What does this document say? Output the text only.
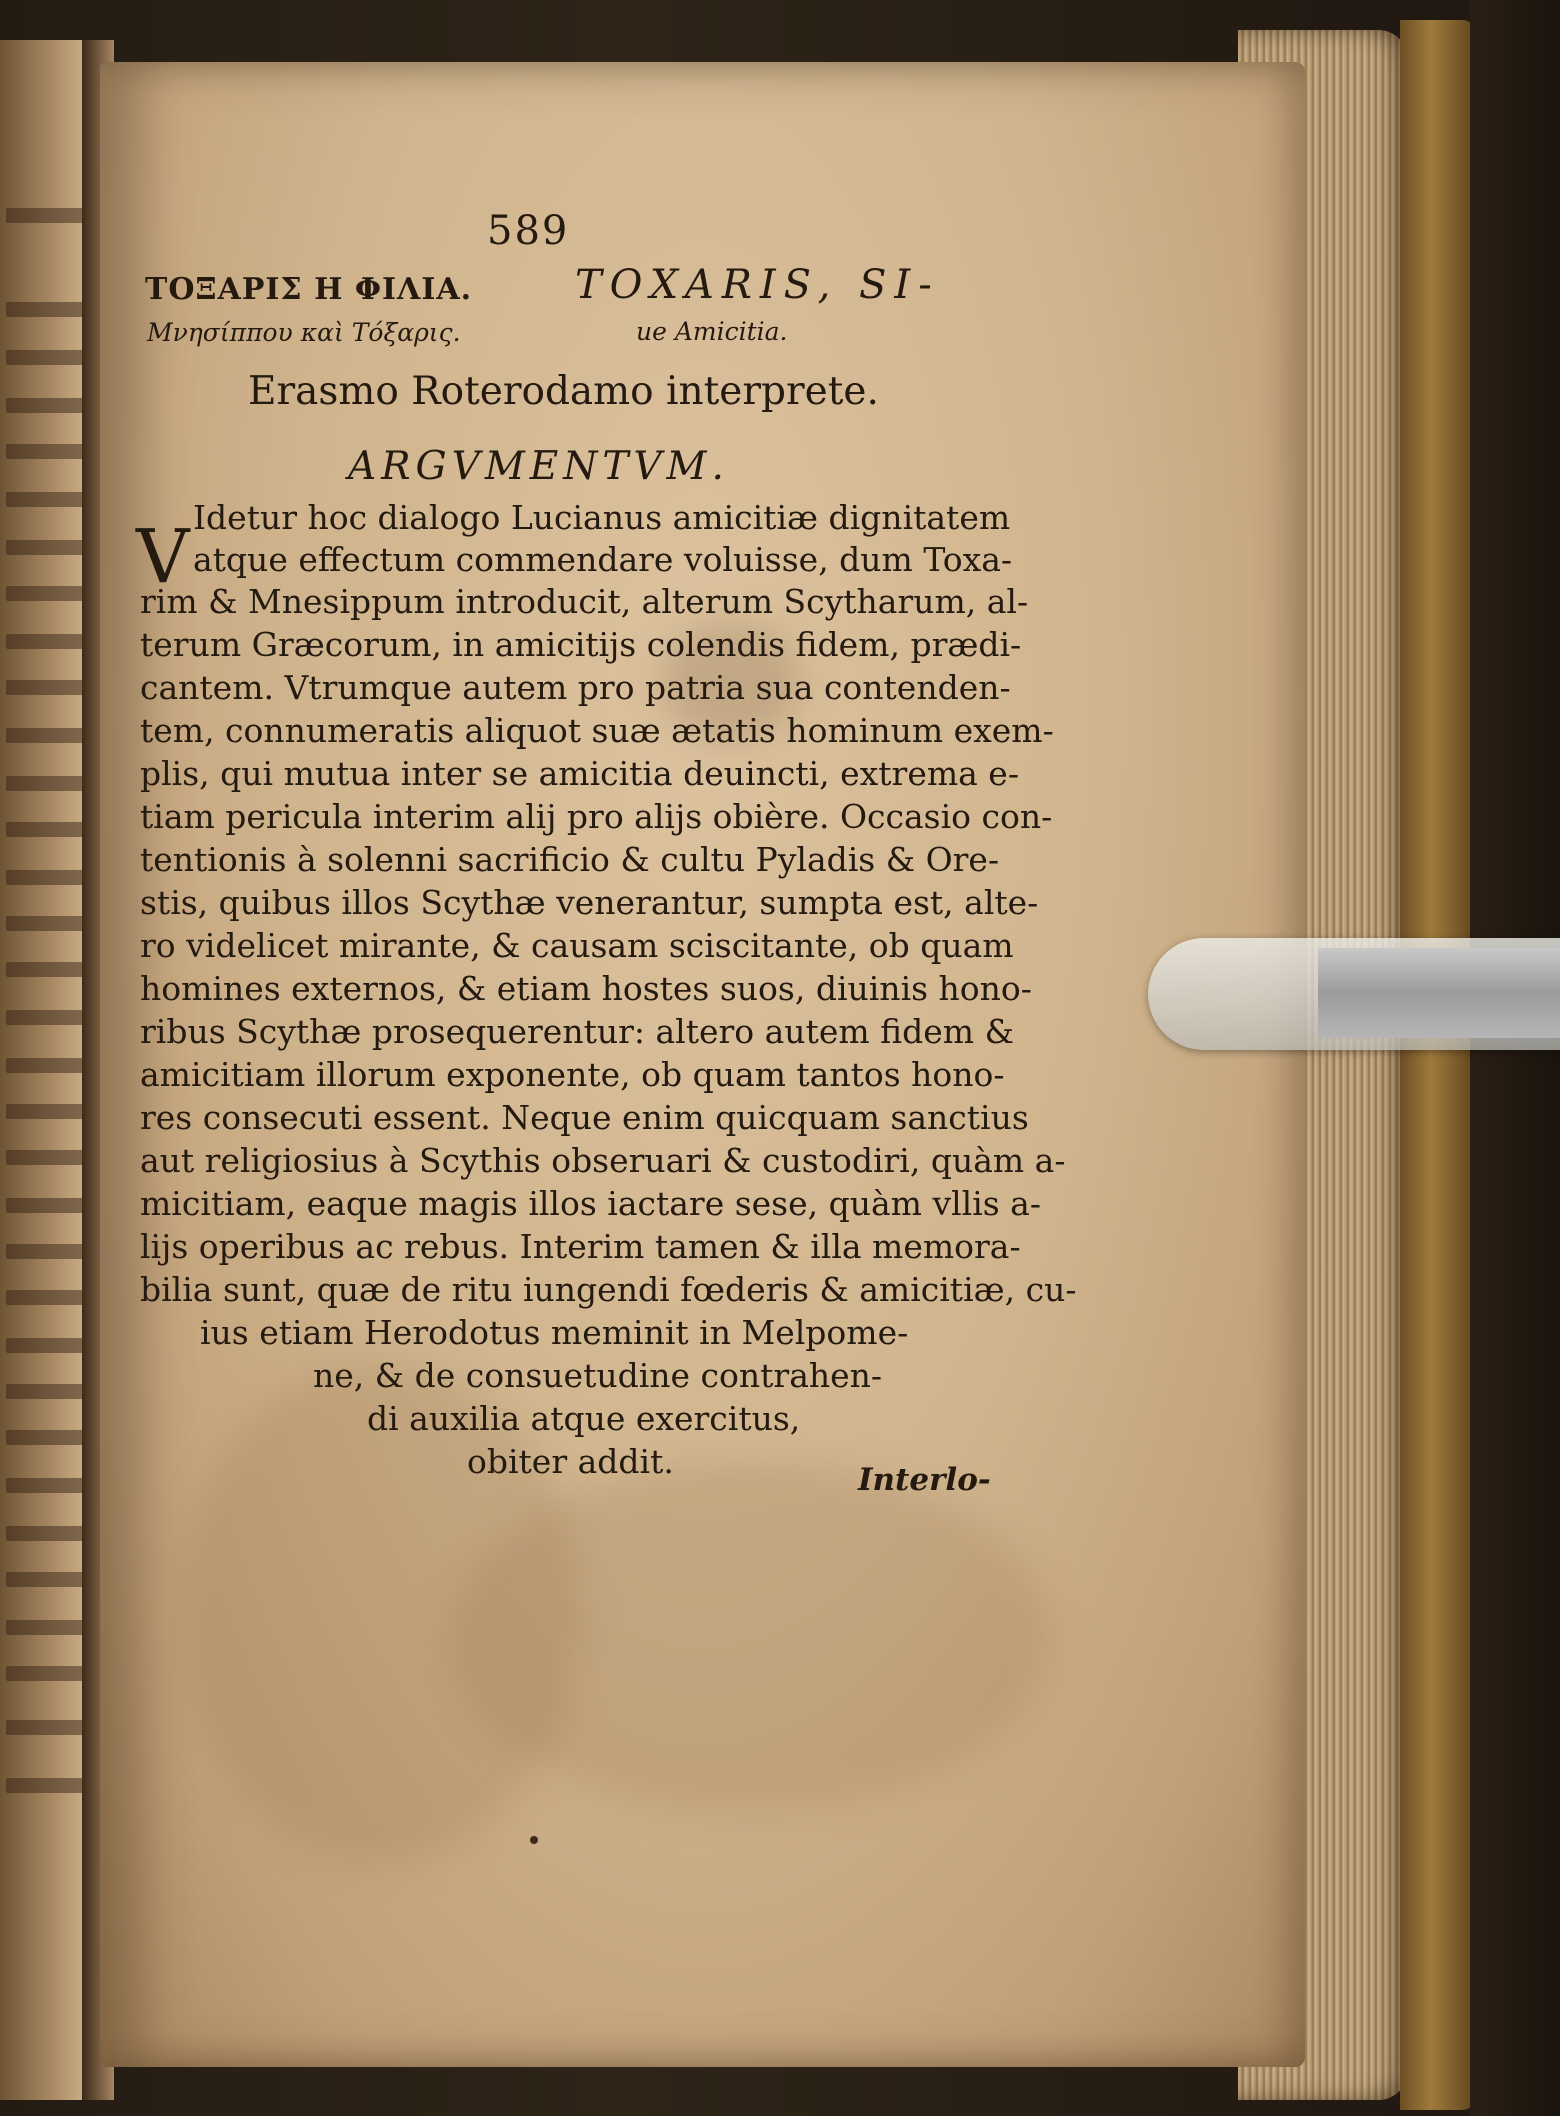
589
ΤΟΞΑΡΙΣ Η ΦΙΛΙΑ.	TOXARIS, SI-
Μνησίππου καὶ Τόξαρις.	ue Amicitia.
Erasmo Roterodamo interprete.
ARGVMENTVM.
V Idetur hoc dialogo Lucianus amicitiæ dignitatem
atque effectum commendare voluisse, dum Toxa-
rim & Mnesippum introducit, alterum Scytharum, al-
terum Græcorum, in amicitijs colendis fidem, prædi-
cantem. Vtrumque autem pro patria sua contenden-
tem, connumeratis aliquot suæ ætatis hominum exem-
plis, qui mutua inter se amicitia deuincti, extrema e-
tiam pericula interim alij pro alijs obière. Occasio con-
tentionis à solenni sacrificio & cultu Pyladis & Ore-
stis, quibus illos Scythæ venerantur, sumpta est, alte-
ro videlicet mirante, & causam sciscitante, ob quam
homines externos, & etiam hostes suos, diuinis hono-
ribus Scythæ prosequerentur: altero autem fidem &
amicitiam illorum exponente, ob quam tantos hono-
res consecuti essent. Neque enim quicquam sanctius
aut religiosius à Scythis obseruari & custodiri, quàm a-
micitiam, eaque magis illos iactare sese, quàm vllis a-
lijs operibus ac rebus. Interim tamen & illa memora-
bilia sunt, quæ de ritu iungendi fœderis & amicitiæ, cu-
ius etiam Herodotus meminit in Melpome-
ne, & de consuetudine contrahen-
di auxilia atque exercitus,
obiter addit.	Interlo-
